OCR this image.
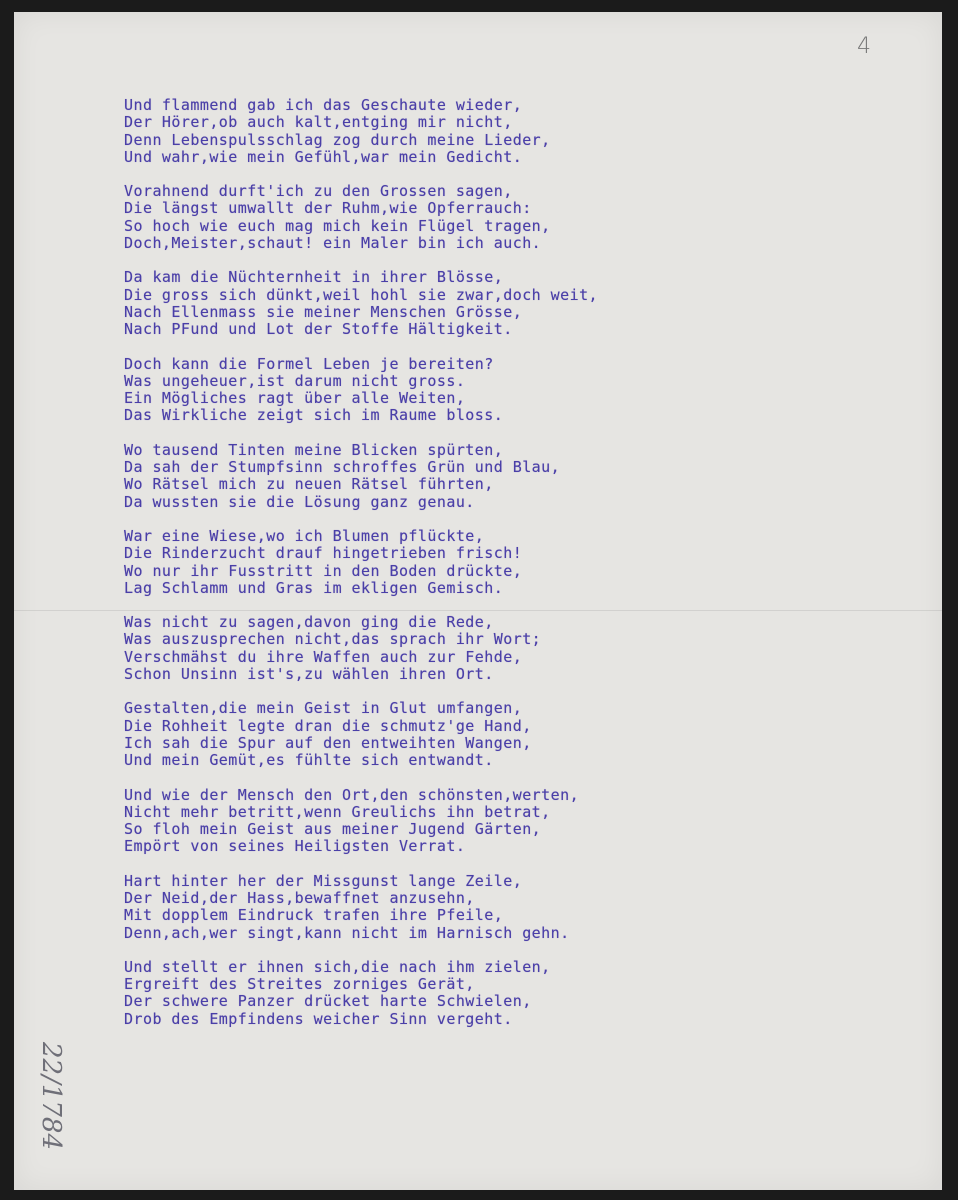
4
22/1784
Und flammend gab ich das Geschaute wieder,
Der Hörer,ob auch kalt,entging mir nicht,
Denn Lebenspulsschlag zog durch meine Lieder,
Und wahr,wie mein Gefühl,war mein Gedicht.
Vorahnend durft'ich zu den Grossen sagen,
Die längst umwallt der Ruhm,wie Opferrauch:
So hoch wie euch mag mich kein Flügel tragen,
Doch,Meister,schaut! ein Maler bin ich auch.
Da kam die Nüchternheit in ihrer Blösse,
Die gross sich dünkt,weil hohl sie zwar,doch weit,
Nach Ellenmass sie meiner Menschen Grösse,
Nach PFund und Lot der Stoffe Hältigkeit.
Doch kann die Formel Leben je bereiten?
Was ungeheuer,ist darum nicht gross.
Ein Mögliches ragt über alle Weiten,
Das Wirkliche zeigt sich im Raume bloss.
Wo tausend Tinten meine Blicken spürten,
Da sah der Stumpfsinn schroffes Grün und Blau,
Wo Rätsel mich zu neuen Rätsel führten,
Da wussten sie die Lösung ganz genau.
War eine Wiese,wo ich Blumen pflückte,
Die Rinderzucht drauf hingetrieben frisch!
Wo nur ihr Fusstritt in den Boden drückte,
Lag Schlamm und Gras im ekligen Gemisch.
Was nicht zu sagen,davon ging die Rede,
Was auszusprechen nicht,das sprach ihr Wort;
Verschmähst du ihre Waffen auch zur Fehde,
Schon Unsinn ist's,zu wählen ihren Ort.
Gestalten,die mein Geist in Glut umfangen,
Die Rohheit legte dran die schmutz'ge Hand,
Ich sah die Spur auf den entweihten Wangen,
Und mein Gemüt,es fühlte sich entwandt.
Und wie der Mensch den Ort,den schönsten,werten,
Nicht mehr betritt,wenn Greulichs ihn betrat,
So floh mein Geist aus meiner Jugend Gärten,
Empört von seines Heiligsten Verrat.
Hart hinter her der Missgunst lange Zeile,
Der Neid,der Hass,bewaffnet anzusehn,
Mit dopplem Eindruck trafen ihre Pfeile,
Denn,ach,wer singt,kann nicht im Harnisch gehn.
Und stellt er ihnen sich,die nach ihm zielen,
Ergreift des Streites zorniges Gerät,
Der schwere Panzer drücket harte Schwielen,
Drob des Empfindens weicher Sinn vergeht.
